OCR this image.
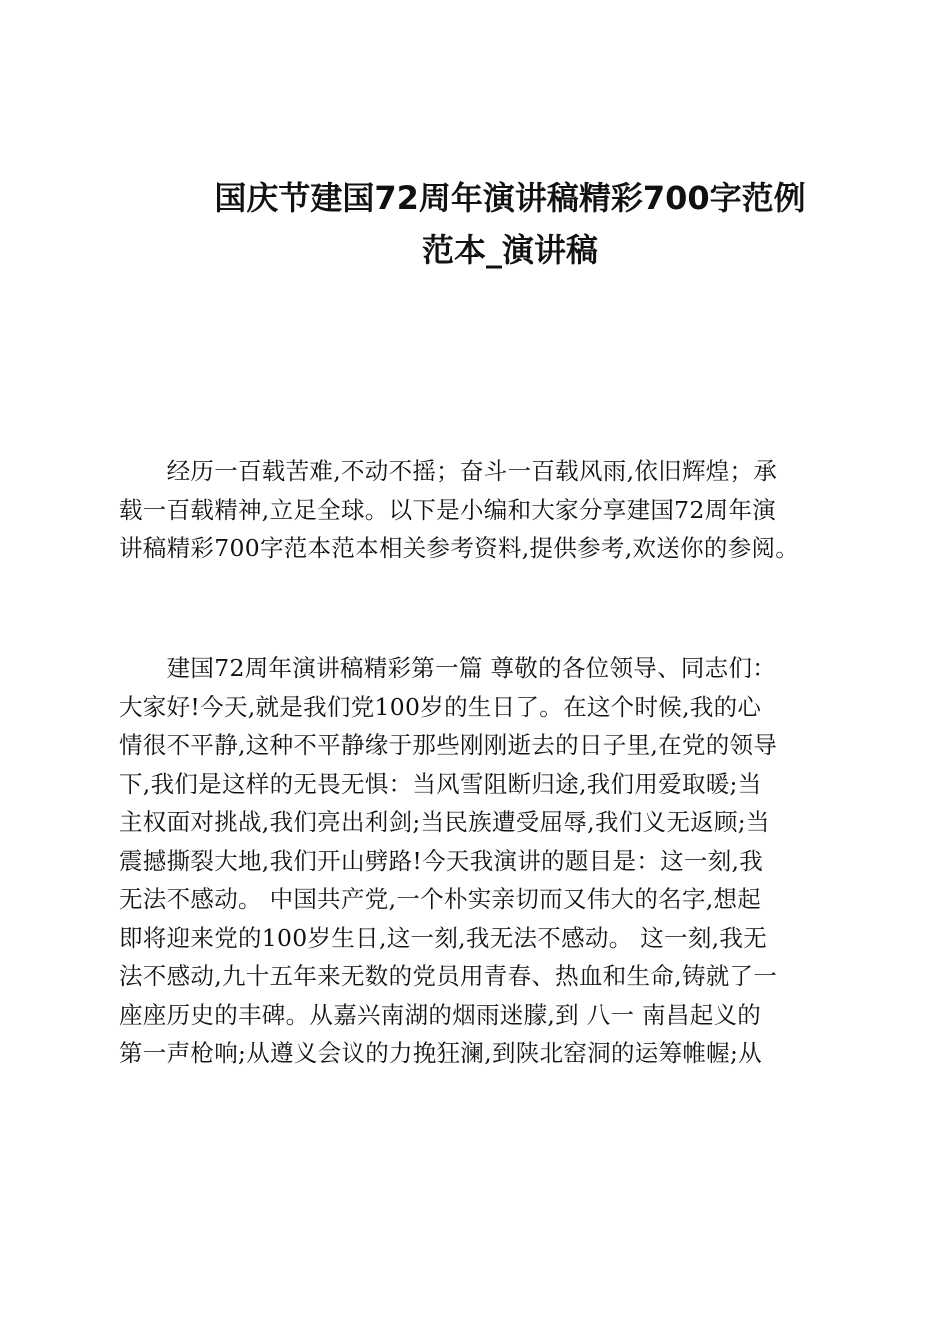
国庆节建国72周年演讲稿精彩700字范例
范本_演讲稿
　　经历一百载苦难,不动不摇；奋斗一百载风雨,依旧辉煌；承
载一百载精神,立足全球。以下是小编和大家分享建国72周年演
讲稿精彩700字范本范本相关参考资料,提供参考,欢送你的参阅。
　　建国72周年演讲稿精彩第一篇 尊敬的各位领导、同志们：
大家好!今天,就是我们党100岁的生日了。在这个时候,我的心
情很不平静,这种不平静缘于那些刚刚逝去的日子里,在党的领导
下,我们是这样的无畏无惧：当风雪阻断归途,我们用爱取暖;当
主权面对挑战,我们亮出利剑;当民族遭受屈辱,我们义无返顾;当
震撼撕裂大地,我们开山劈路!今天我演讲的题目是：这一刻,我
无法不感动。 中国共产党,一个朴实亲切而又伟大的名字,想起
即将迎来党的100岁生日,这一刻,我无法不感动。 这一刻,我无
法不感动,九十五年来无数的党员用青春、热血和生命,铸就了一
座座历史的丰碑。从嘉兴南湖的烟雨迷朦,到 八一 南昌起义的
第一声枪响;从遵义会议的力挽狂澜,到陕北窑洞的运筹帷幄;从
